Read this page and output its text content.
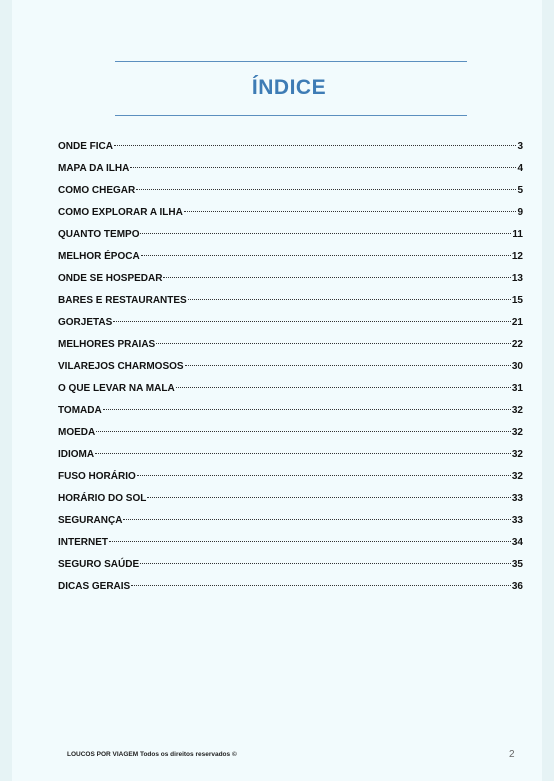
ÍNDICE
ONDE FICA	3
MAPA DA ILHA	4
COMO CHEGAR	5
COMO EXPLORAR A ILHA	9
QUANTO TEMPO	11
MELHOR ÉPOCA	12
ONDE SE HOSPEDAR	13
BARES E RESTAURANTES	15
GORJETAS	21
MELHORES PRAIAS	22
VILAREJOS CHARMOSOS	30
O QUE LEVAR NA MALA	31
TOMADA	32
MOEDA	32
IDIOMA	32
FUSO HORÁRIO	32
HORÁRIO DO SOL	33
SEGURANÇA	33
INTERNET	34
SEGURO SAÚDE	35
DICAS GERAIS	36
LOUCOS POR VIAGEM Todos os direitos reservados ©	2
